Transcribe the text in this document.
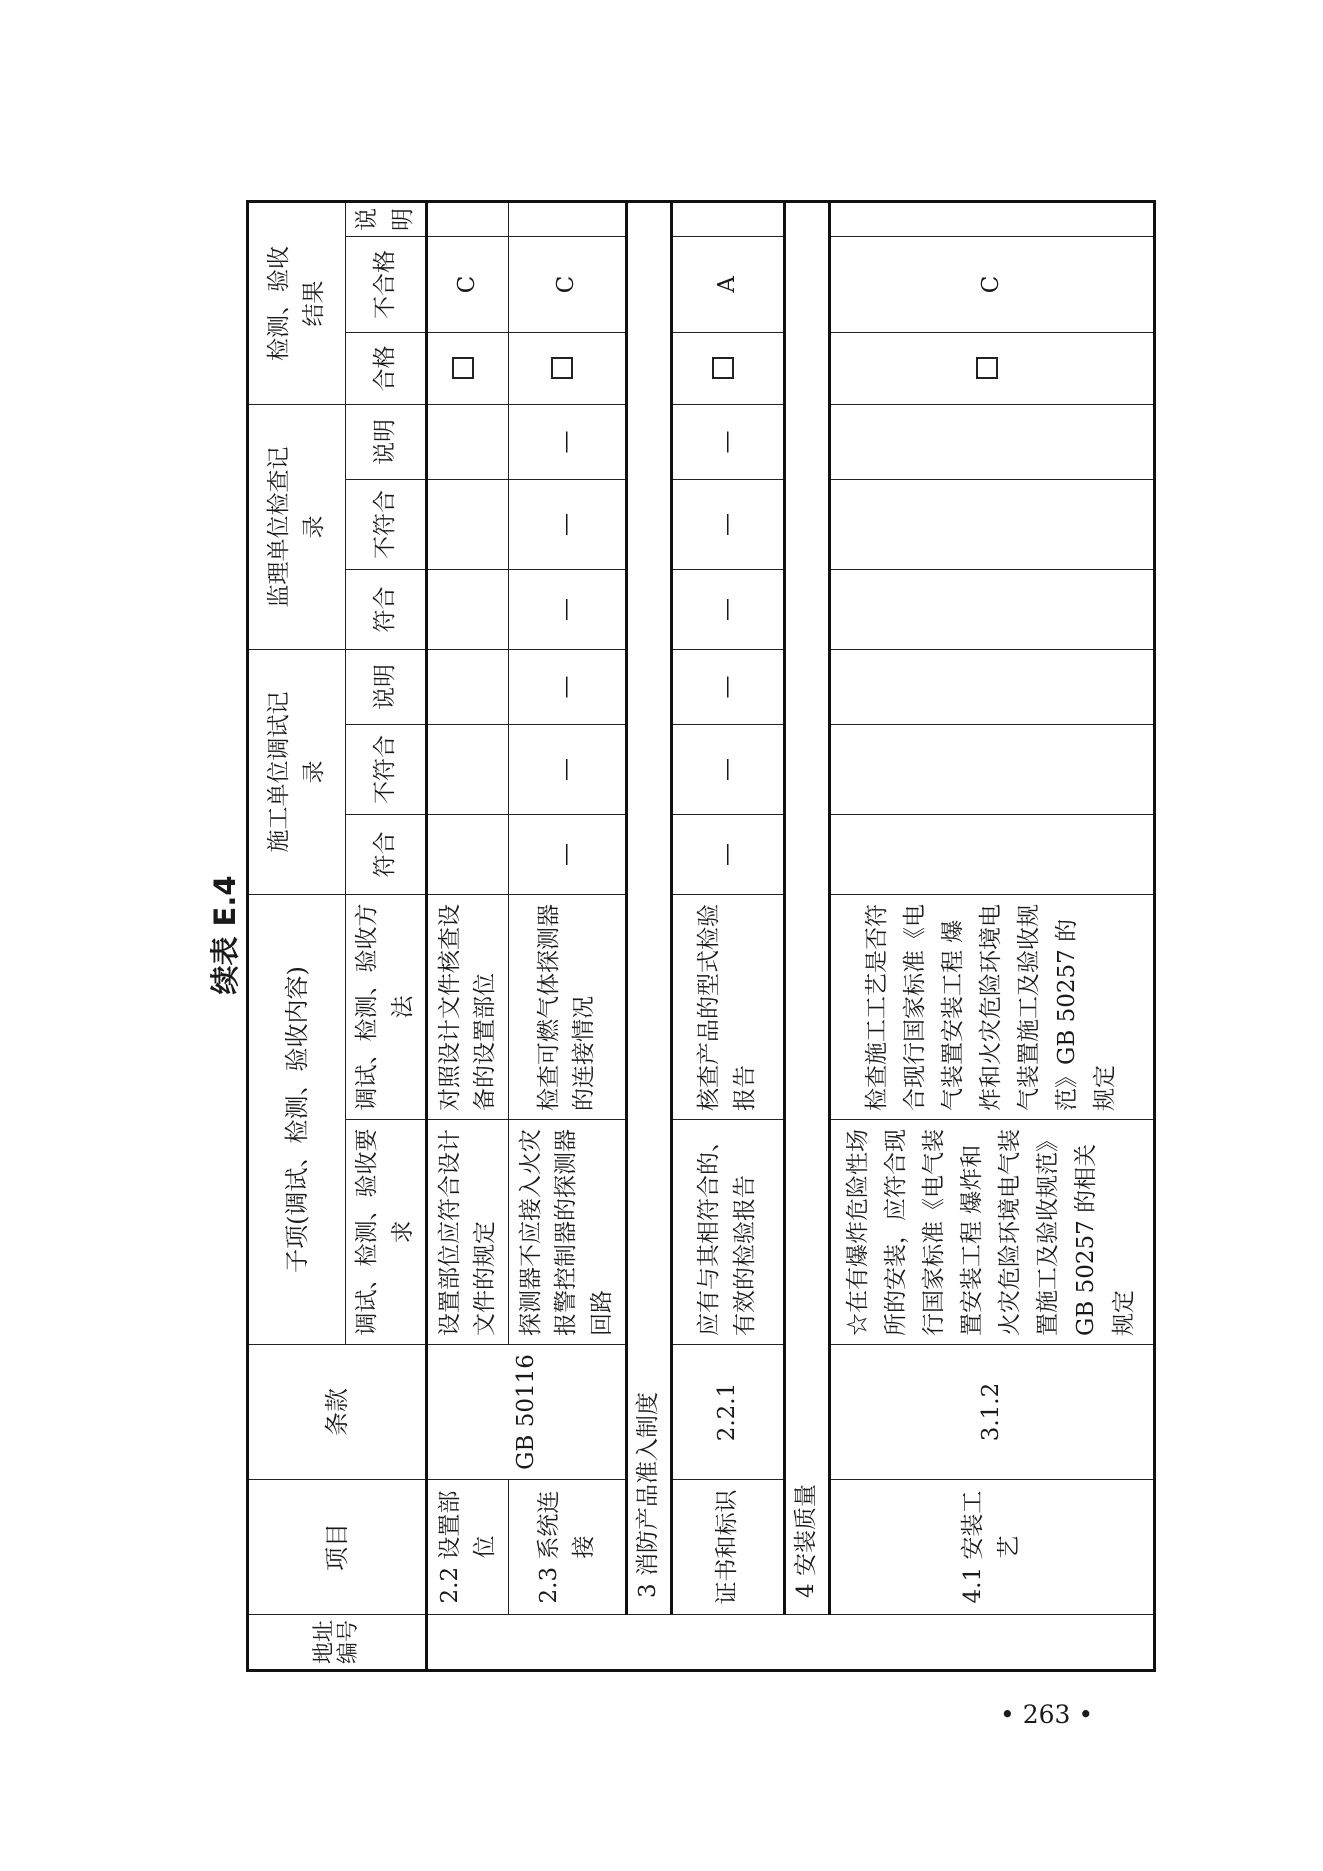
续表 E.4
地址编号	项目	条款	子项(调试、检测、验收内容)		施工单位调试记录			监理单位检查记录			检测、验收结果		
			调试、检测、验收要求	调试、检测、验收方法	符合	不符合	说明	符合	不符合	说明	合格	不合格	说明
	2.2 设置部位	GB 50116	设置部位应符合设计文件的规定	对照设计文件核查设备的设置部位								C	
	2.3 系统连接		探测器不应接入火灾报警控制器的探测器回路	检查可燃气体探测器的连接情况	—	—	—	—	—	—		C	
	3 消防产品准入制度												
	证书和标识	2.2.1	应有与其相符合的、有效的检验报告	核查产品的型式检验报告	—	—	—	—	—	—		A	
	4 安装质量												
	4.1 安装工艺	3.1.2	☆在有爆炸危险性场所的安装，应符合现行国家标准《电气装置安装工程 爆炸和火灾危险环境电气装置施工及验收规范》GB 50257 的相关规定	检查施工工艺是否符合现行国家标准《电气装置安装工程 爆炸和火灾危险环境电气装置施工及验收规范》GB 50257 的规定								C	
• 263 •
